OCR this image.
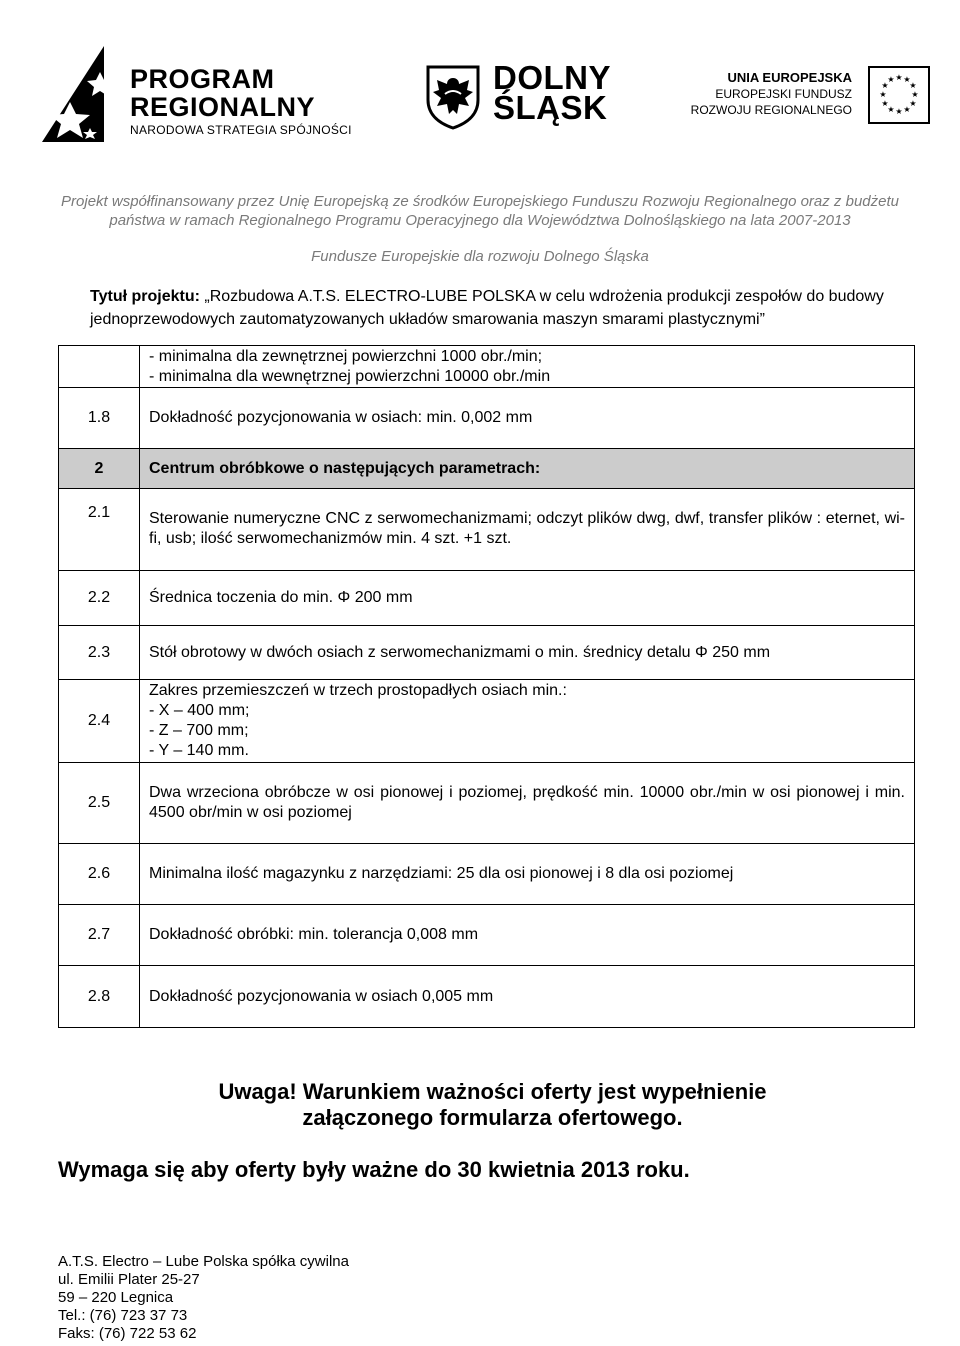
PROGRAM
REGIONALNY
NARODOWA STRATEGIA SPÓJNOŚCI
DOLNY
ŚLĄSK
UNIA EUROPEJSKA
EUROPEJSKI FUNDUSZ
ROZWOJU REGIONALNEGO
★ ★
★
★
★
★
★
★
★
★
★
★
Projekt współfinansowany przez Unię Europejską ze środków Europejskiego Funduszu Rozwoju Regionalnego oraz z budżetu
państwa w ramach Regionalnego Programu Operacyjnego dla Województwa Dolnośląskiego na lata 2007-2013
Fundusze Europejskie dla rozwoju Dolnego Śląska
Tytuł projektu: „Rozbudowa A.T.S. ELECTRO-LUBE POLSKA w celu wdrożenia produkcji zespołów do budowy jednoprzewodowych zautomatyzowanych układów smarowania maszyn smarami plastycznymi”

	- minimalna dla zewnętrznej powierzchni 1000 obr./min;
- minimalna dla wewnętrznej powierzchni 10000 obr./min

1.8	Dokładność pozycjonowania w osiach: min. 0,002 mm
2	Centrum obróbkowe o następujących parametrach:
2.1	Sterowanie numeryczne CNC z serwomechanizmami; odczyt plików dwg, dwf, transfer plików : eternet, wi-fi, usb; ilość serwomechanizmów min. 4 szt. +1 szt.
2.2	Średnica toczenia do min. Φ 200 mm
2.3	Stół obrotowy w dwóch osiach z serwomechanizmami o min. średnicy detalu Φ 250 mm
2.4	Zakres przemieszczeń w trzech prostopadłych osiach min.:
- X – 400 mm;
- Z – 700 mm;
- Y – 140 mm.

2.5	Dwa wrzeciona obróbcze w osi pionowej i poziomej, prędkość min. 10000 obr./min w osi pionowej i min. 4500 obr/min w osi poziomej
2.6	Minimalna ilość magazynku z narzędziami: 25 dla osi pionowej i 8 dla osi poziomej
2.7	Dokładność obróbki: min. tolerancja 0,008 mm
2.8	Dokładność pozycjonowania w osiach 0,005 mm
Uwaga! Warunkiem ważności oferty jest wypełnienie
załączonego formularza ofertowego.
Wymaga się aby oferty były ważne do 30 kwietnia 2013 roku.
A.T.S. Electro – Lube Polska spółka cywilna
ul. Emilii Plater 25-27
59 – 220 Legnica
Tel.: (76) 723 37 73
Faks: (76) 722 53 62
